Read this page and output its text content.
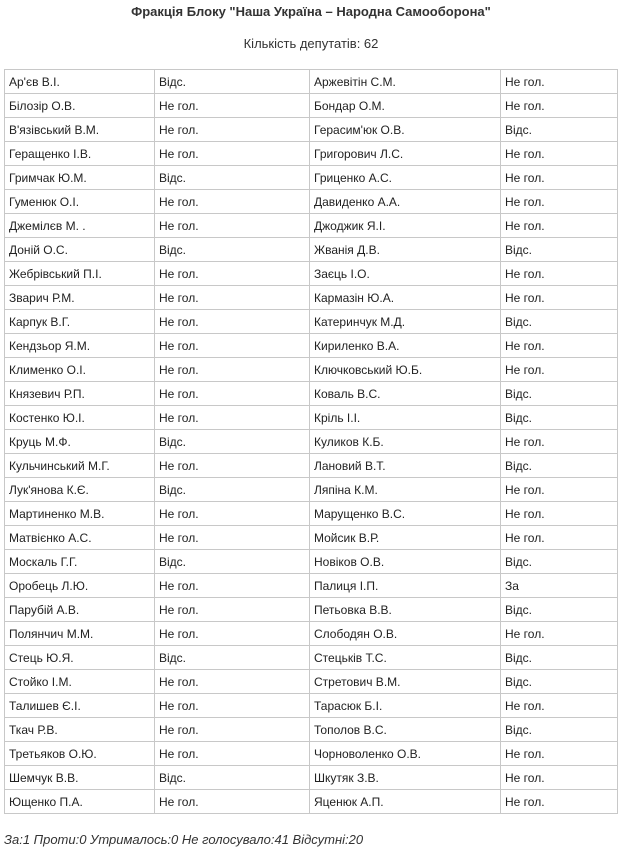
Фракція Блоку "Наша Україна – Народна Самооборона"
Кількість депутатів: 62
Ар'єв В.І.	Відс.	Аржевітін С.М.	Не гол.
Білозір О.В.	Не гол.	Бондар О.М.	Не гол.
В'язівський В.М.	Не гол.	Герасим'юк О.В.	Відс.
Геращенко І.В.	Не гол.	Григорович Л.С.	Не гол.
Гримчак Ю.М.	Відс.	Гриценко А.С.	Не гол.
Гуменюк О.І.	Не гол.	Давиденко А.А.	Не гол.
Джемілєв М. .	Не гол.	Джоджик Я.І.	Не гол.
Доній О.С.	Відс.	Жванія Д.В.	Відс.
Жебрівський П.І.	Не гол.	Заєць І.О.	Не гол.
Зварич Р.М.	Не гол.	Кармазін Ю.А.	Не гол.
Карпук В.Г.	Не гол.	Катеринчук М.Д.	Відс.
Кендзьор Я.М.	Не гол.	Кириленко В.А.	Не гол.
Клименко О.І.	Не гол.	Ключковський Ю.Б.	Не гол.
Князевич Р.П.	Не гол.	Коваль В.С.	Відс.
Костенко Ю.І.	Не гол.	Кріль І.І.	Відс.
Круць М.Ф.	Відс.	Куликов К.Б.	Не гол.
Кульчинський М.Г.	Не гол.	Лановий В.Т.	Відс.
Лук'янова К.Є.	Відс.	Ляпіна К.М.	Не гол.
Мартиненко М.В.	Не гол.	Марущенко В.С.	Не гол.
Матвієнко А.С.	Не гол.	Мойсик В.Р.	Не гол.
Москаль Г.Г.	Відс.	Новіков О.В.	Відс.
Оробець Л.Ю.	Не гол.	Палиця І.П.	За
Парубій А.В.	Не гол.	Петьовка В.В.	Відс.
Полянчич М.М.	Не гол.	Слободян О.В.	Не гол.
Стець Ю.Я.	Відс.	Стецьків Т.С.	Відс.
Стойко І.М.	Не гол.	Стретович В.М.	Відс.
Талишев Є.І.	Не гол.	Тарасюк Б.І.	Не гол.
Ткач Р.В.	Не гол.	Тополов В.С.	Відс.
Третьяков О.Ю.	Не гол.	Чорноволенко О.В.	Не гол.
Шемчук В.В.	Відс.	Шкутяк З.В.	Не гол.
Ющенко П.А.	Не гол.	Яценюк А.П.	Не гол.
За:1 Проти:0 Утрималось:0 Не голосувало:41 Відсутні:20
